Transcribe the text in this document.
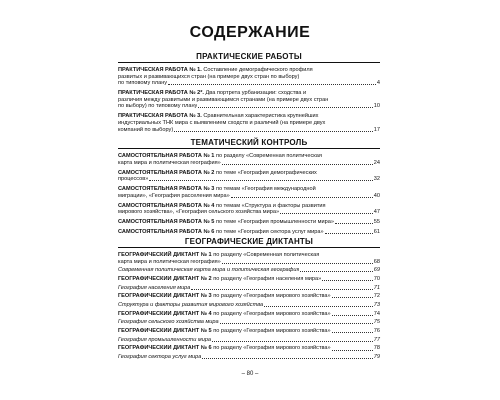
СОДЕРЖАНИЕ
ПРАКТИЧЕСКИЕ РАБОТЫ
ПРАКТИЧЕСКАЯ РАБОТА № 1. Составление демографического профиля
развитых и развивающихся стран (на примере двух стран по выбору)
по типовому плану	4
ПРАКТИЧЕСКАЯ РАБОТА № 2*. Два портрета урбанизации: сходства и
различия между развитыми и развивающимся странами (на примере двух стран
по выбору) по типовому плану	10
ПРАКТИЧЕСКАЯ РАБОТА № 3. Сравнительная характеристика крупнейших
индустриальных ТНК мира с выявлением сходств и различий (на примере двух
компаний по выбору)	17
ТЕМАТИЧЕСКИЙ КОНТРОЛЬ
САМОСТОЯТЕЛЬНАЯ РАБОТА № 1 по разделу «Современная политическая
карта мира и политическая география»	24
САМОСТОЯТЕЛЬНАЯ РАБОТА № 2 по теме «География демографических
процессов»	32
САМОСТОЯТЕЛЬНАЯ РАБОТА № 3 по темам «География международной
миграции», «География расселения мира»	40
САМОСТОЯТЕЛЬНАЯ РАБОТА № 4 по темам «Структура и факторы развития
мирового хозяйства», «География сельского хозяйства мира»	47
САМОСТОЯТЕЛЬНАЯ РАБОТА № 5 по теме «География промышленности мира»	55
САМОСТОЯТЕЛЬНАЯ РАБОТА № 6 по теме «География сектора услуг мира»	61
ГЕОГРАФИЧЕСКИЕ ДИКТАНТЫ
ГЕОГРАФИЧЕСКИЙ ДИКТАНТ № 1 по разделу «Современная политическая
карта мира и политическая география»	68
Современная политическая карта мира и политическая география	69
ГЕОГРАФИЧЕСКИЙ ДИКТАНТ № 2 по разделу «География населения мира»	70
География населения мира	71
ГЕОГРАФИЧЕСКИЙ ДИКТАНТ № 3 по разделу «География мирового хозяйства»	72
Структура и факторы развития мирового хозяйства	73
ГЕОГРАФИЧЕСКИЙ ДИКТАНТ № 4 по разделу «География мирового хозяйства»	74
География сельского хозяйства мира	75
ГЕОГРАФИЧЕСКИЙ ДИКТАНТ № 5 по разделу «География мирового хозяйства»	76
География промышленности мира	77
ГЕОГРАФИЧЕСКИЙ ДИКТАНТ № 6 по разделу «География мирового хозяйства»	78
География сектора услуг мира	79
– 80 –
